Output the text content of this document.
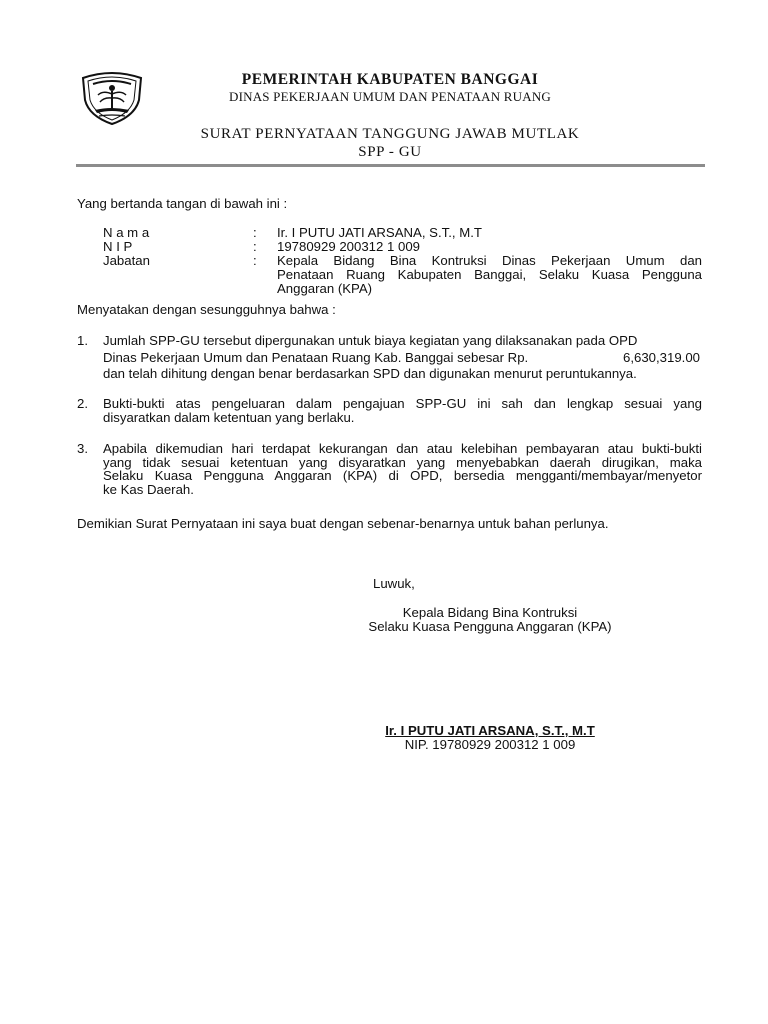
PEMERINTAH KABUPATEN BANGGAI
DINAS PEKERJAAN UMUM DAN PENATAAN RUANG
SURAT PERNYATAAN TANGGUNG JAWAB MUTLAK
SPP - GU
Yang bertanda tangan di bawah ini :
N a m a	: Ir. I PUTU JATI ARSANA, S.T., M.T
N I P	: 19780929 200312 1 009
Jabatan	: Kepala Bidang Bina Kontruksi Dinas Pekerjaan Umum dan
Penataan Ruang Kabupaten Banggai, Selaku Kuasa Pengguna
Anggaran (KPA)
Menyatakan dengan sesungguhnya bahwa :
1. Jumlah SPP-GU tersebut dipergunakan untuk biaya kegiatan yang dilaksanakan pada OPD
Dinas Pekerjaan Umum dan Penataan Ruang Kab. Banggai sebesar Rp.	6,630,319.00
dan telah dihitung dengan benar berdasarkan SPD dan digunakan menurut peruntukannya.
2. Bukti-bukti atas pengeluaran dalam pengajuan SPP-GU ini sah dan lengkap sesuai yang
disyaratkan dalam ketentuan yang berlaku.
3. Apabila dikemudian hari terdapat kekurangan dan atau kelebihan pembayaran atau bukti-bukti
yang tidak sesuai ketentuan yang disyaratkan yang menyebabkan daerah dirugikan, maka
Selaku Kuasa Pengguna Anggaran (KPA) di OPD, bersedia mengganti/membayar/menyetor
ke Kas Daerah.
Demikian Surat Pernyataan ini saya buat dengan sebenar-benarnya untuk bahan perlunya.
Luwuk,
Kepala Bidang Bina Kontruksi
Selaku Kuasa Pengguna Anggaran (KPA)
Ir. I PUTU JATI ARSANA, S.T., M.T
NIP. 19780929 200312 1 009
